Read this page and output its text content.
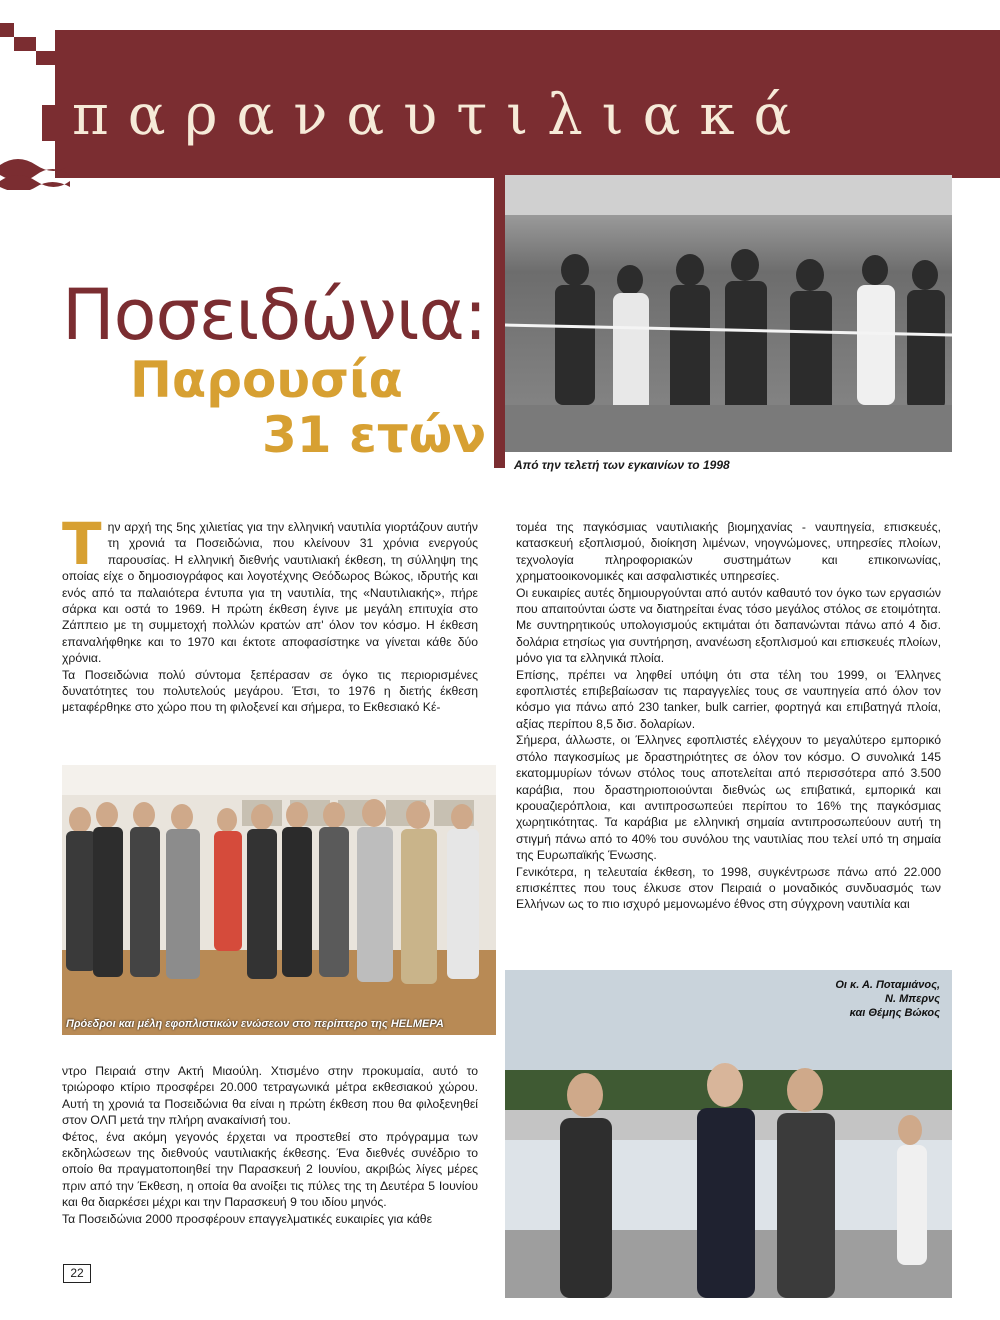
παραναυτιλιακά
Ποσειδώνια:
Παρουσία
31 ετών
Από την τελετή των εγκαινίων το 1998
Πρόεδροι και μέλη εφοπλιστικών ενώσεων στο περίπτερο της HELMEPA
Οι κ. Α. Ποταμιάνος,
Ν. Μπερνς
και Θέμης Βώκος

Την αρχή της 5ης χιλιετίας για την ελληνική ναυτιλία γιορτάζουν αυτήν τη χρονιά τα Ποσειδώνια, που κλείνουν 31 χρόνια ενεργούς παρουσίας. Η ελληνική διεθνής ναυτιλιακή έκθεση, τη σύλληψη της οποίας είχε ο δημοσιογράφος και λογοτέχνης Θεόδωρος Βώκος, ιδρυτής και ενός από τα παλαιότερα έντυπα για τη ναυτιλία, της «Ναυτιλιακής», πήρε σάρκα και οστά το 1969. Η πρώτη έκθεση έγινε με μεγάλη επιτυχία στο Ζάππειο με τη συμμετοχή πολλών κρατών απ' όλον τον κόσμο. Η έκθεση επαναλήφθηκε και το 1970 και έκτοτε αποφασίστηκε να γίνεται κάθε δύο χρόνια.

Τα Ποσειδώνια πολύ σύντομα ξεπέρασαν σε όγκο τις περιορισμένες δυνατότητες του πολυτελούς μεγάρου. Έτσι, το 1976 η διετής έκθεση μεταφέρθηκε στο χώρο που τη φιλοξενεί και σήμερα, το Εκθεσιακό Κέ-

ντρο Πειραιά στην Ακτή Μιαούλη. Χτισμένο στην προκυμαία, αυτό το τριώροφο κτίριο προσφέρει 20.000 τετραγωνικά μέτρα εκθεσιακού χώρου. Αυτή τη χρονιά τα Ποσειδώνια θα είναι η πρώτη έκθεση που θα φιλοξενηθεί στον ΟΛΠ μετά την πλήρη ανακαίνισή του.

Φέτος, ένα ακόμη γεγονός έρχεται να προστεθεί στο πρόγραμμα των εκδηλώσεων της διεθνούς ναυτιλιακής έκθεσης. Ένα διεθνές συνέδριο το οποίο θα πραγματοποιηθεί την Παρασκευή 2 Ιουνίου, ακριβώς λίγες μέρες πριν από την Έκθεση, η οποία θα ανοίξει τις πύλες της τη Δευτέρα 5 Ιουνίου και θα διαρκέσει μέχρι και την Παρασκευή 9 του ιδίου μηνός.

Τα Ποσειδώνια 2000 προσφέρουν επαγγελματικές ευκαιρίες για κάθε

τομέα της παγκόσμιας ναυτιλιακής βιομηχανίας - ναυπηγεία, επισκευές, κατασκευή εξοπλισμού, διοίκηση λιμένων, νηογνώμονες, υπηρεσίες πλοίων, τεχνολογία πληροφοριακών συστημάτων και επικοινωνίας, χρηματοοικονομικές και ασφαλιστικές υπηρεσίες.

Οι ευκαιρίες αυτές δημιουργούνται από αυτόν καθαυτό τον όγκο των εργασιών που απαιτούνται ώστε να διατηρείται ένας τόσο μεγάλος στόλος σε ετοιμότητα. Με συντηρητικούς υπολογισμούς εκτιμάται ότι δαπανώνται πάνω από 4 δισ. δολάρια ετησίως για συντήρηση, ανανέωση εξοπλισμού και επισκευές πλοίων, μόνο για τα ελληνικά πλοία.

Επίσης, πρέπει να ληφθεί υπόψη ότι στα τέλη του 1999, οι Έλληνες εφοπλιστές επιβεβαίωσαν τις παραγγελίες τους σε ναυπηγεία από όλον τον κόσμο για πάνω από 230 tanker, bulk carrier, φορτηγά και επιβατηγά πλοία, αξίας περίπου 8,5 δισ. δολαρίων.

Σήμερα, άλλωστε, οι Έλληνες εφοπλιστές ελέγχουν το μεγαλύτερο εμπορικό στόλο παγκοσμίως με δραστηριότητες σε όλον τον κόσμο. Ο συνολικά 145 εκατομμυρίων τόνων στόλος τους αποτελείται από περισσότερα από 3.500 καράβια, που δραστηριοποιούνται διεθνώς ως επιβατικά, εμπορικά και κρουαζιερόπλοια, και αντιπροσωπεύει περίπου το 16% της παγκόσμιας χωρητικότητας. Τα καράβια με ελληνική σημαία αντιπροσωπεύουν αυτή τη στιγμή πάνω από το 40% του συνόλου της ναυτιλίας που τελεί υπό τη σημαία της Ευρωπαϊκής Ένωσης.

Γενικότερα, η τελευταία έκθεση, το 1998, συγκέντρωσε πάνω από 22.000 επισκέπτες που τους έλκυσε στον Πειραιά ο μοναδικός συνδυασμός των Ελλήνων ως το πιο ισχυρό μεμονωμένο έθνος στη σύγχρονη ναυτιλία και

22
